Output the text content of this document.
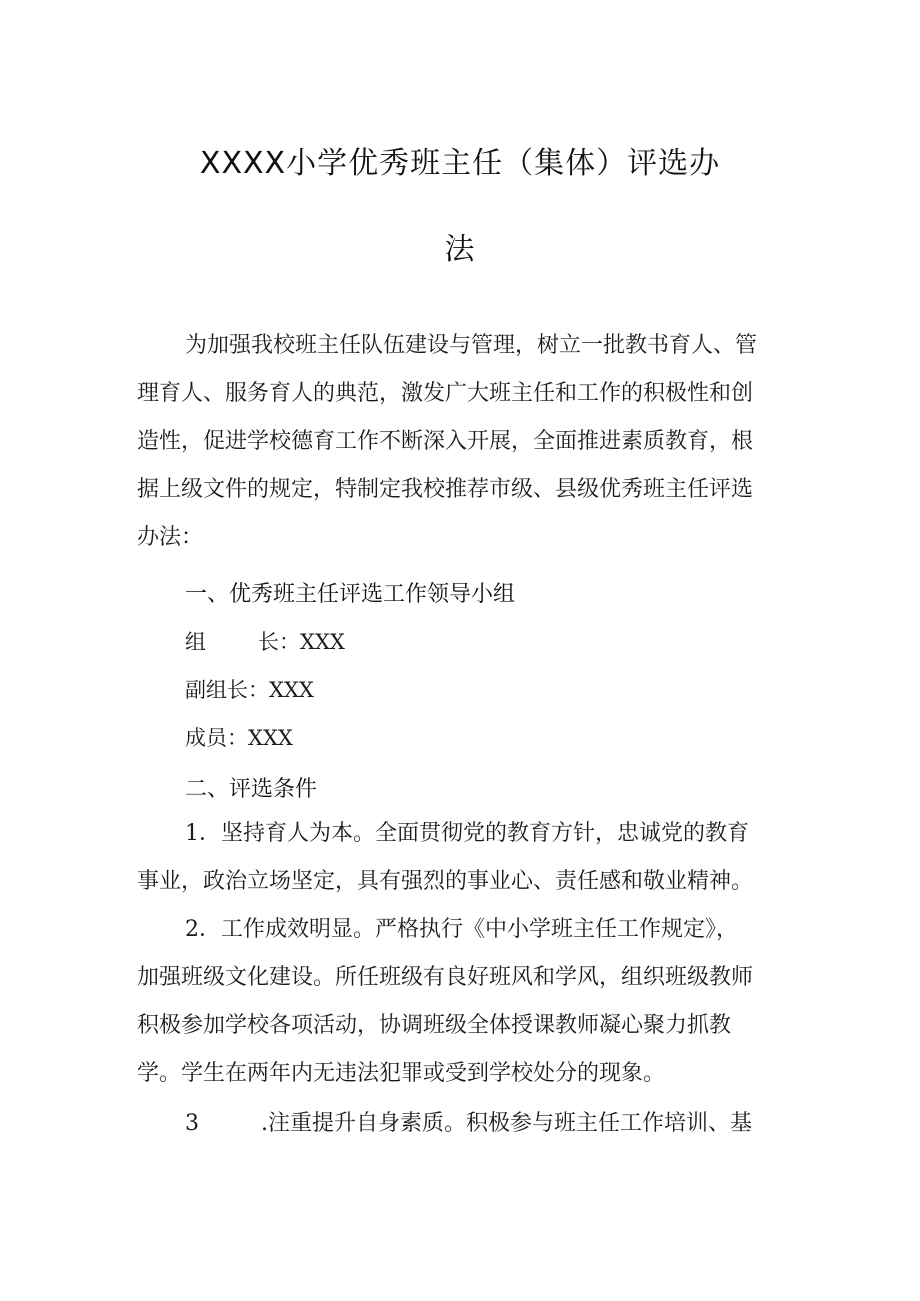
XXXX小学优秀班主任（集体）评选办
法
为加强我校班主任队伍建设与管理，树立一批教书育人、管
理育人、服务育人的典范，激发广大班主任和工作的积极性和创
造性，促进学校德育工作不断深入开展，全面推进素质教育，根
据上级文件的规定，特制定我校推荐市级、县级优秀班主任评选
办法：
一、优秀班主任评选工作领导小组
组 长：XXX
副组长：XXX
成员：XXX
二、评选条件
1．坚持育人为本。全面贯彻党的教育方针，忠诚党的教育
事业，政治立场坚定，具有强烈的事业心、责任感和敬业精神。
2．工作成效明显。严格执行《中小学班主任工作规定》，
加强班级文化建设。所任班级有良好班风和学风，组织班级教师
积极参加学校各项活动，协调班级全体授课教师凝心聚力抓教
学。学生在两年内无违法犯罪或受到学校处分的现象。
3	.注重提升自身素质。积极参与班主任工作培训、基
